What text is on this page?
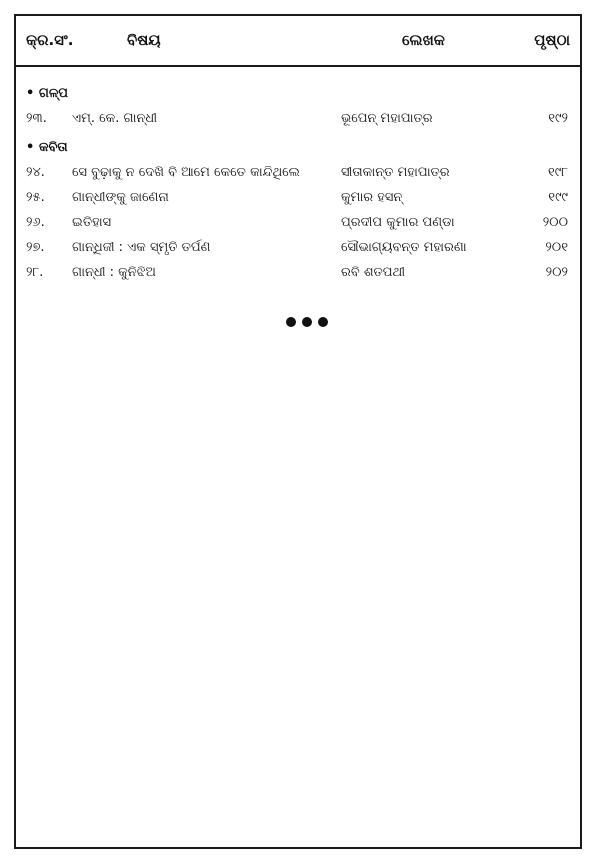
କ୍ର.ସଂ.	ବିଷୟ	ଲେଖକ	ପୃଷ୍ଠା
• ଗଳ୍ପ
୨୩. ଏମ୍. କେ. ଗାନ୍ଧୀ	ଭୂପେନ୍ ମହାପାତ୍ର	୧୯୨
• କବିତା
୨୪. ସେ ବୁଢ଼ାକୁ ନ ଦେଖି ବି ଆମେ କେତେ କାନ୍ଦିଥିଲେ	ସୀତାକାନ୍ତ ମହାପାତ୍ର	୧୯୮
୨୫. ଗାନ୍ଧୀଙ୍କୁ ଜାଣେନା	କୁମାର ହସନ୍	୧୯୯
୨୬. ଇତିହାସ	ପ୍ରଦୀପ କୁମାର ପଣ୍ଡା	୨୦୦
୨୭. ଗାନ୍ଧିଜୀ : ଏକ ସ୍ମୃତି ତର୍ପଣ	ସୌଭାଗ୍ୟବନ୍ତ ମହାରଣା	୨୦୧
୨୮. ଗାନ୍ଧୀ : କୁନିଝିଅ	ରବି ଶତପଥୀ	୨୦୨
